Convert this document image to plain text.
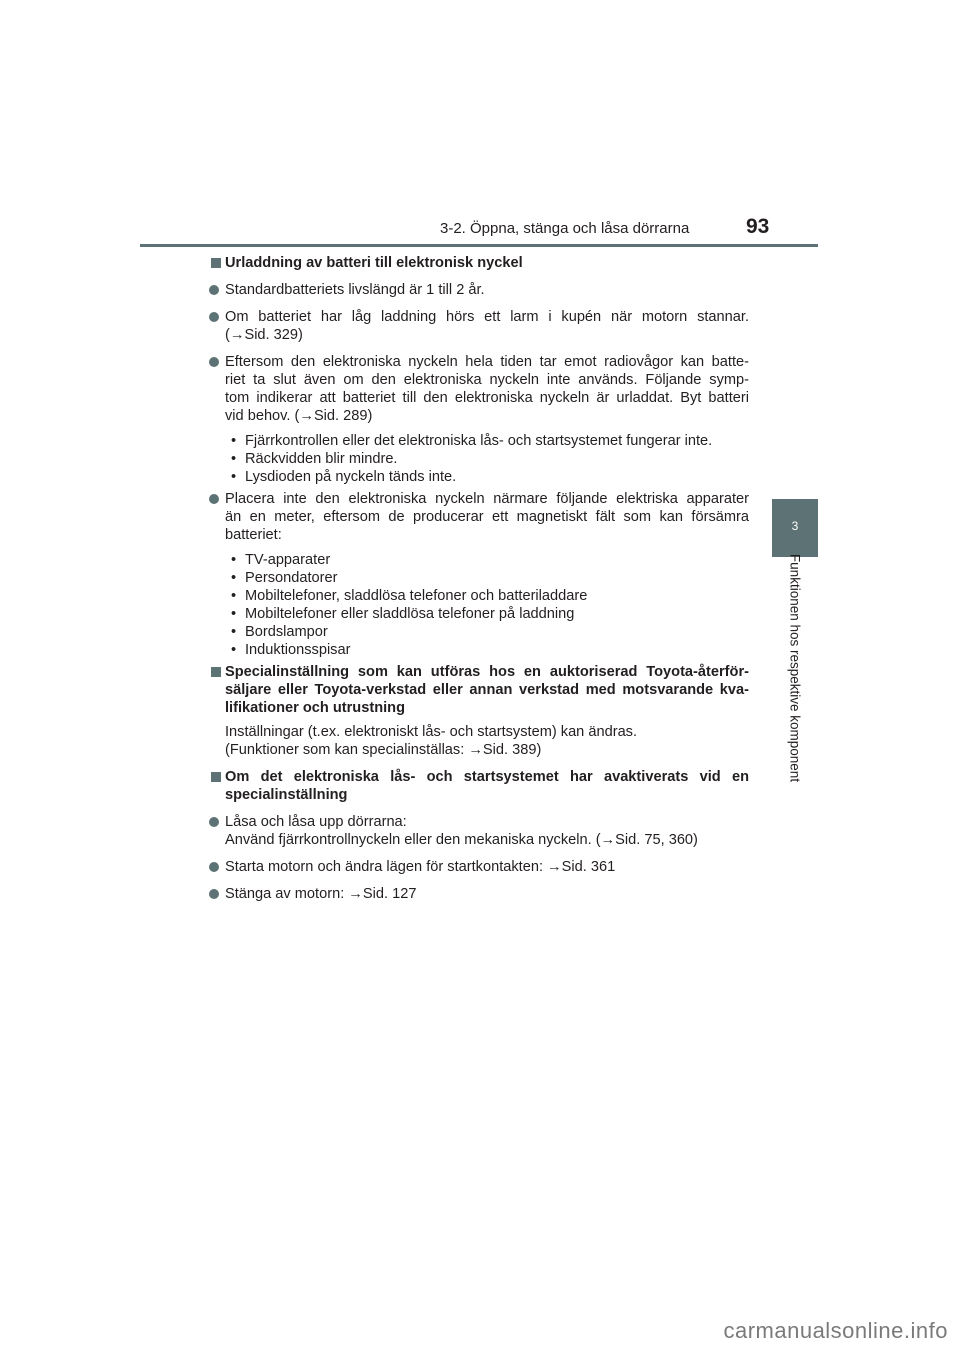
3-2. Öppna, stänga och låsa dörrarna	93
3
Funktionen hos respektive komponent
Urladdning av batteri till elektronisk nyckel
Standardbatteriets livslängd är 1 till 2 år.
Om batteriet har låg laddning hörs ett larm i kupén när motorn stannar.
(→Sid. 329)
Eftersom den elektroniska nyckeln hela tiden tar emot radiovågor kan batte-
riet ta slut även om den elektroniska nyckeln inte används. Följande symp-
tom indikerar att batteriet till den elektroniska nyckeln är urladdat. Byt batteri
vid behov. (→Sid. 289)
• Fjärrkontrollen eller det elektroniska lås- och startsystemet fungerar inte.
• Räckvidden blir mindre.
• Lysdioden på nyckeln tänds inte.
Placera inte den elektroniska nyckeln närmare följande elektriska apparater
än en meter, eftersom de producerar ett magnetiskt fält som kan försämra
batteriet:
• TV-apparater
• Persondatorer
• Mobiltelefoner, sladdlösa telefoner och batteriladdare
• Mobiltelefoner eller sladdlösa telefoner på laddning
• Bordslampor
• Induktionsspisar
Specialinställning som kan utföras hos en auktoriserad Toyota-återför-
säljare eller Toyota-verkstad eller annan verkstad med motsvarande kva-
lifikationer och utrustning
Inställningar (t.ex. elektroniskt lås- och startsystem) kan ändras.
(Funktioner som kan specialinställas: →Sid. 389)
Om det elektroniska lås- och startsystemet har avaktiverats vid en
specialinställning
Låsa och låsa upp dörrarna:
Använd fjärrkontrollnyckeln eller den mekaniska nyckeln. (→Sid. 75, 360)
Starta motorn och ändra lägen för startkontakten: →Sid. 361
Stänga av motorn: →Sid. 127
carmanualsonline.info
